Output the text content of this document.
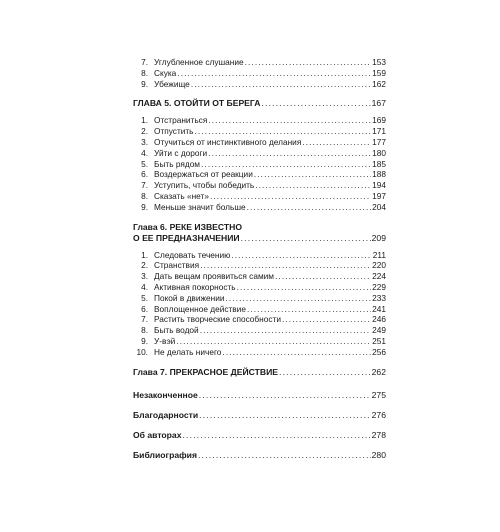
7. Углубленное слушание . . .	153
8. Скука . . .	159
9. Убежище . . .	162
ГЛАВА 5. ОТОЙТИ ОТ БЕРЕГА . . .	167
1. Отстраниться . . .	169
2. Отпустить . . .	171
3. Отучиться от инстинктивного делания . . .	177
4. Уйти с дороги . . .	180
5. Быть рядом . . .	185
6. Воздержаться от реакции . . .	188
7. Уступить, чтобы победить . . .	194
8. Сказать «нет» . . .	197
9. Меньше значит больше . . .	204
Глава 6. РЕКЕ ИЗВЕСТНО
О ЕЕ ПРЕДНАЗНАЧЕНИИ . . .	209
1. Следовать течению . . .	211
2. Странствия . . .	220
3. Дать вещам проявиться самим . . .	224
4. Активная покорность . . .	229
5. Покой в движении . . .	233
6. Воплощенное действие . . .	241
7. Растить творческие способности . . .	246
8. Быть водой . . .	249
9. У-вэй . . .	251
10. Не делать ничего . . .	256
Глава 7. ПРЕКРАСНОЕ ДЕЙСТВИЕ . . .	262
Незаконченное . . .	275
Благодарности . . .	276
Об авторах . . .	278
Библиография . . .	280
